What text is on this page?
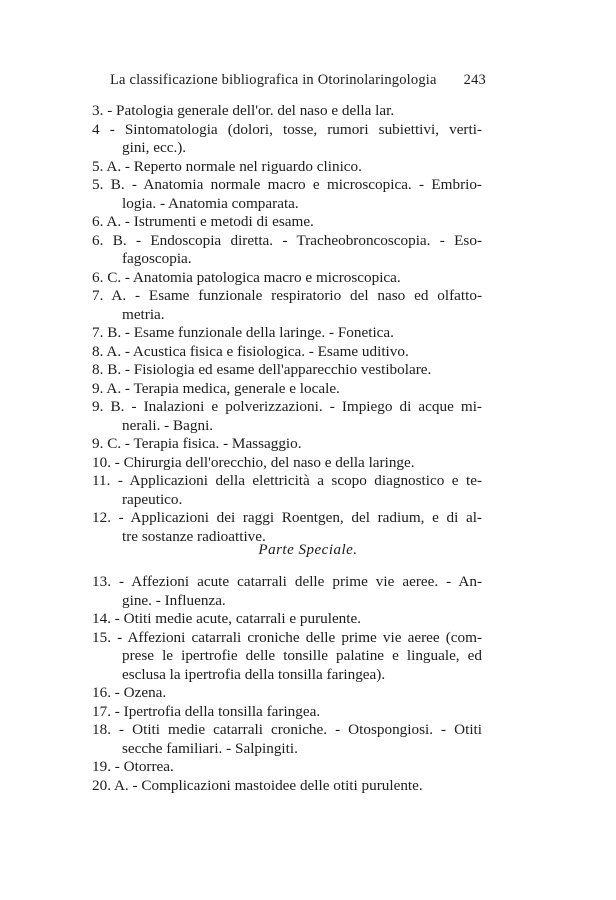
La classificazione bibliografica in Otorinolaringologia 243
3. - Patologia generale dell'or. del naso e della lar.
4 - Sintomatologia (dolori, tosse, rumori subiettivi, verti-
gini, ecc.).
5. A. - Reperto normale nel riguardo clinico.
5. B. - Anatomia normale macro e microscopica. - Embrio-
logia. - Anatomia comparata.
6. A. - Istrumenti e metodi di esame.
6. B. - Endoscopia diretta. - Tracheobroncoscopia. - Eso-
fagoscopia.
6. C. - Anatomia patologica macro e microscopica.
7. A. - Esame funzionale respiratorio del naso ed olfatto-
metria.
7. B. - Esame funzionale della laringe. - Fonetica.
8. A. - Acustica fisica e fisiologica. - Esame uditivo.
8. B. - Fisiologia ed esame dell'apparecchio vestibolare.
9. A. - Terapia medica, generale e locale.
9. B. - Inalazioni e polverizzazioni. - Impiego di acque mi-
nerali. - Bagni.
9. C. - Terapia fisica. - Massaggio.
10. - Chirurgia dell'orecchio, del naso e della laringe.
11. - Applicazioni della elettricità a scopo diagnostico e te-
rapeutico.
12. - Applicazioni dei raggi Roentgen, del radium, e di al-
tre sostanze radioattive.
Parte Speciale.
13. - Affezioni acute catarrali delle prime vie aeree. - An-
gine. - Influenza.
14. - Otiti medie acute, catarrali e purulente.
15. - Affezioni catarrali croniche delle prime vie aeree (com-
prese le ipertrofie delle tonsille palatine e linguale, ed
esclusa la ipertrofia della tonsilla faringea).
16. - Ozena.
17. - Ipertrofia della tonsilla faringea.
18. - Otiti medie catarrali croniche. - Otospongiosi. - Otiti
secche familiari. - Salpingiti.
19. - Otorrea.
20. A. - Complicazioni mastoidee delle otiti purulente.
